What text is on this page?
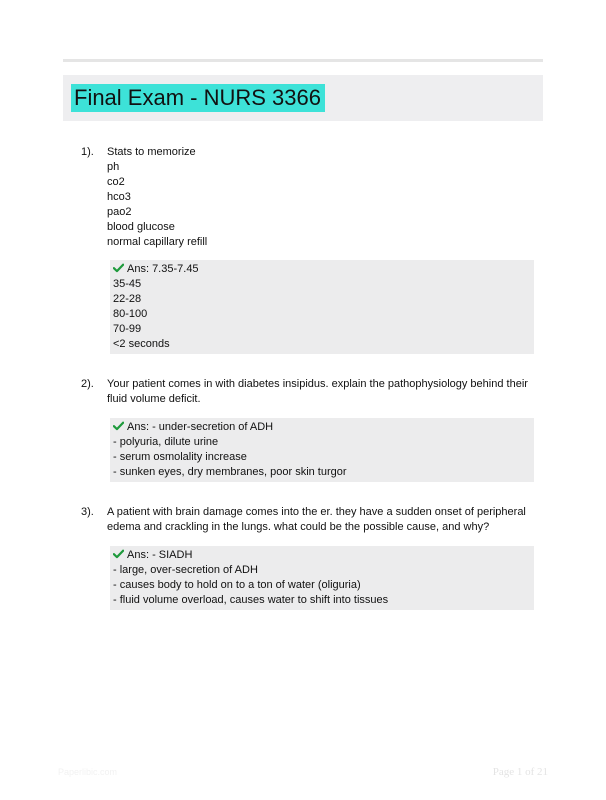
Final Exam - NURS 3366
1). Stats to memorize
ph
co2
hco3
pao2
blood glucose
normal capillary refill
Ans: 7.35-7.45
35-45
22-28
80-100
70-99
<2 seconds
2). Your patient comes in with diabetes insipidus. explain the pathophysiology behind their
fluid volume deficit.
Ans: - under-secretion of ADH
- polyuria, dilute urine
- serum osmolality increase
- sunken eyes, dry membranes, poor skin turgor
3). A patient with brain damage comes into the er. they have a sudden onset of peripheral
edema and crackling in the lungs. what could be the possible cause, and why?
Ans: - SIADH
- large, over-secretion of ADH
- causes body to hold on to a ton of water (oliguria)
- fluid volume overload, causes water to shift into tissues
Paperlibic.com	Page 1 of 21
